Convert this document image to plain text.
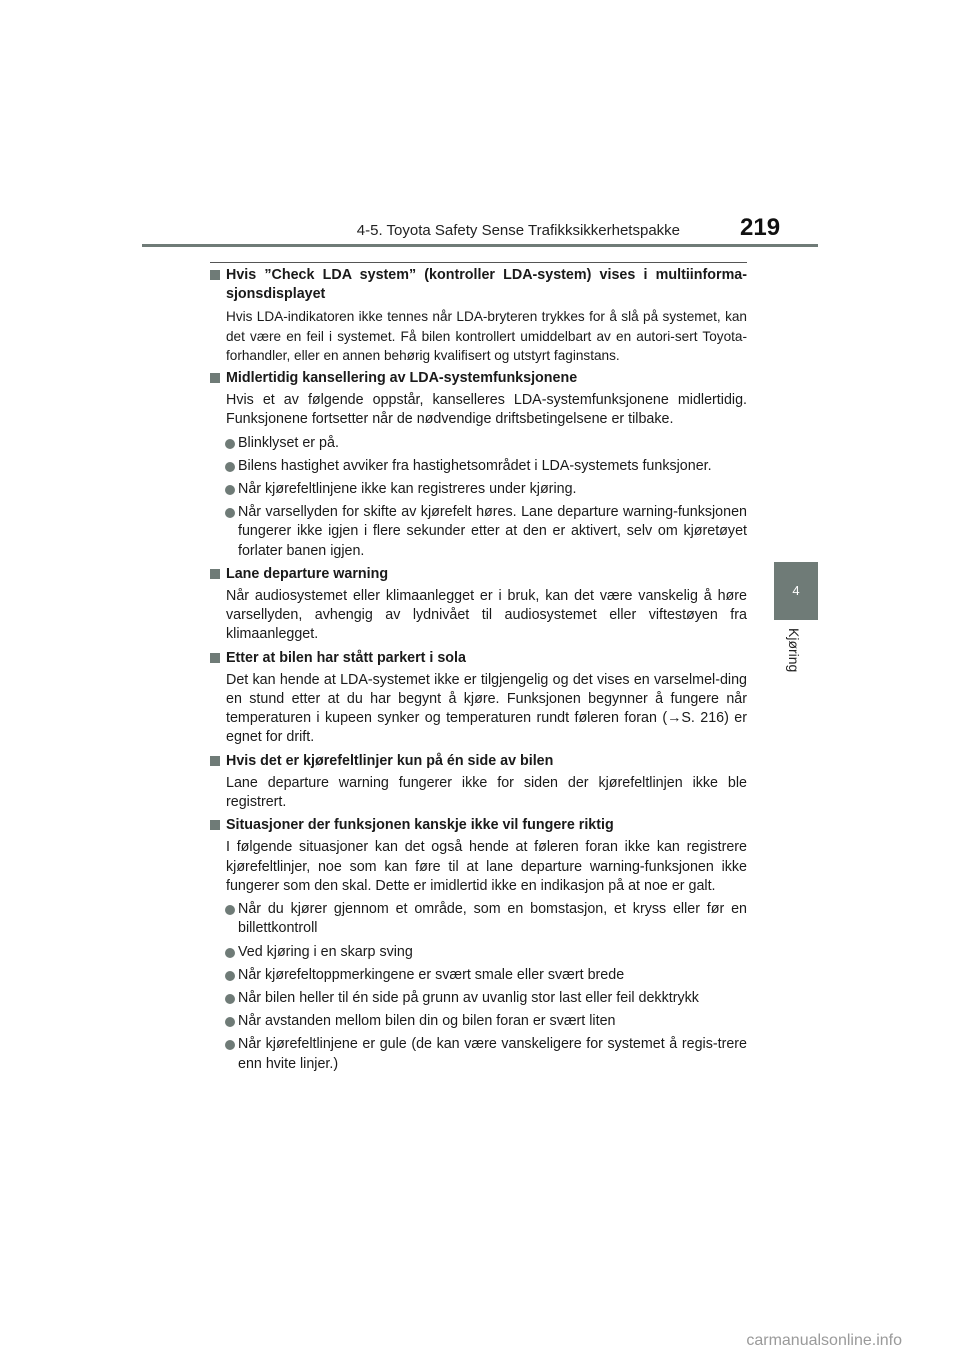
4-5. Toyota Safety Sense Trafikksikkerhetspakke	219
4
Kjøring
Hvis ”Check LDA system” (kontroller LDA-system) vises i multiinforma-sjonsdisplayet
Hvis LDA-indikatoren ikke tennes når LDA-bryteren trykkes for å slå på systemet, kan det være en feil i systemet. Få bilen kontrollert umiddelbart av en autori-sert Toyota-forhandler, eller en annen behørig kvalifisert og utstyrt faginstans.
Midlertidig kansellering av LDA-systemfunksjonene
Hvis et av følgende oppstår, kanselleres LDA-systemfunksjonene midlertidig. Funksjonene fortsetter når de nødvendige driftsbetingelsene er tilbake.
Blinklyset er på.
Bilens hastighet avviker fra hastighetsområdet i LDA-systemets funksjoner.
Når kjørefeltlinjene ikke kan registreres under kjøring.
Når varsellyden for skifte av kjørefelt høres. Lane departure warning-funksjonen fungerer ikke igjen i flere sekunder etter at den er aktivert, selv om kjøretøyet forlater banen igjen.
Lane departure warning
Når audiosystemet eller klimaanlegget er i bruk, kan det være vanskelig å høre varsellyden, avhengig av lydnivået til audiosystemet eller viftestøyen fra klimaanlegget.
Etter at bilen har stått parkert i sola
Det kan hende at LDA-systemet ikke er tilgjengelig og det vises en varselmel-ding en stund etter at du har begynt å kjøre. Funksjonen begynner å fungere når temperaturen i kupeen synker og temperaturen rundt føleren foran (→S. 216) er egnet for drift.
Hvis det er kjørefeltlinjer kun på én side av bilen
Lane departure warning fungerer ikke for siden der kjørefeltlinjen ikke ble registrert.
Situasjoner der funksjonen kanskje ikke vil fungere riktig
I følgende situasjoner kan det også hende at føleren foran ikke kan registrere kjørefeltlinjer, noe som kan føre til at lane departure warning-funksjonen ikke fungerer som den skal. Dette er imidlertid ikke en indikasjon på at noe er galt.
Når du kjører gjennom et område, som en bomstasjon, et kryss eller før en billettkontroll
Ved kjøring i en skarp sving
Når kjørefeltoppmerkingene er svært smale eller svært brede
Når bilen heller til én side på grunn av uvanlig stor last eller feil dekktrykk
Når avstanden mellom bilen din og bilen foran er svært liten
Når kjørefeltlinjene er gule (de kan være vanskeligere for systemet å regis-trere enn hvite linjer.)
carmanualsonline.info
